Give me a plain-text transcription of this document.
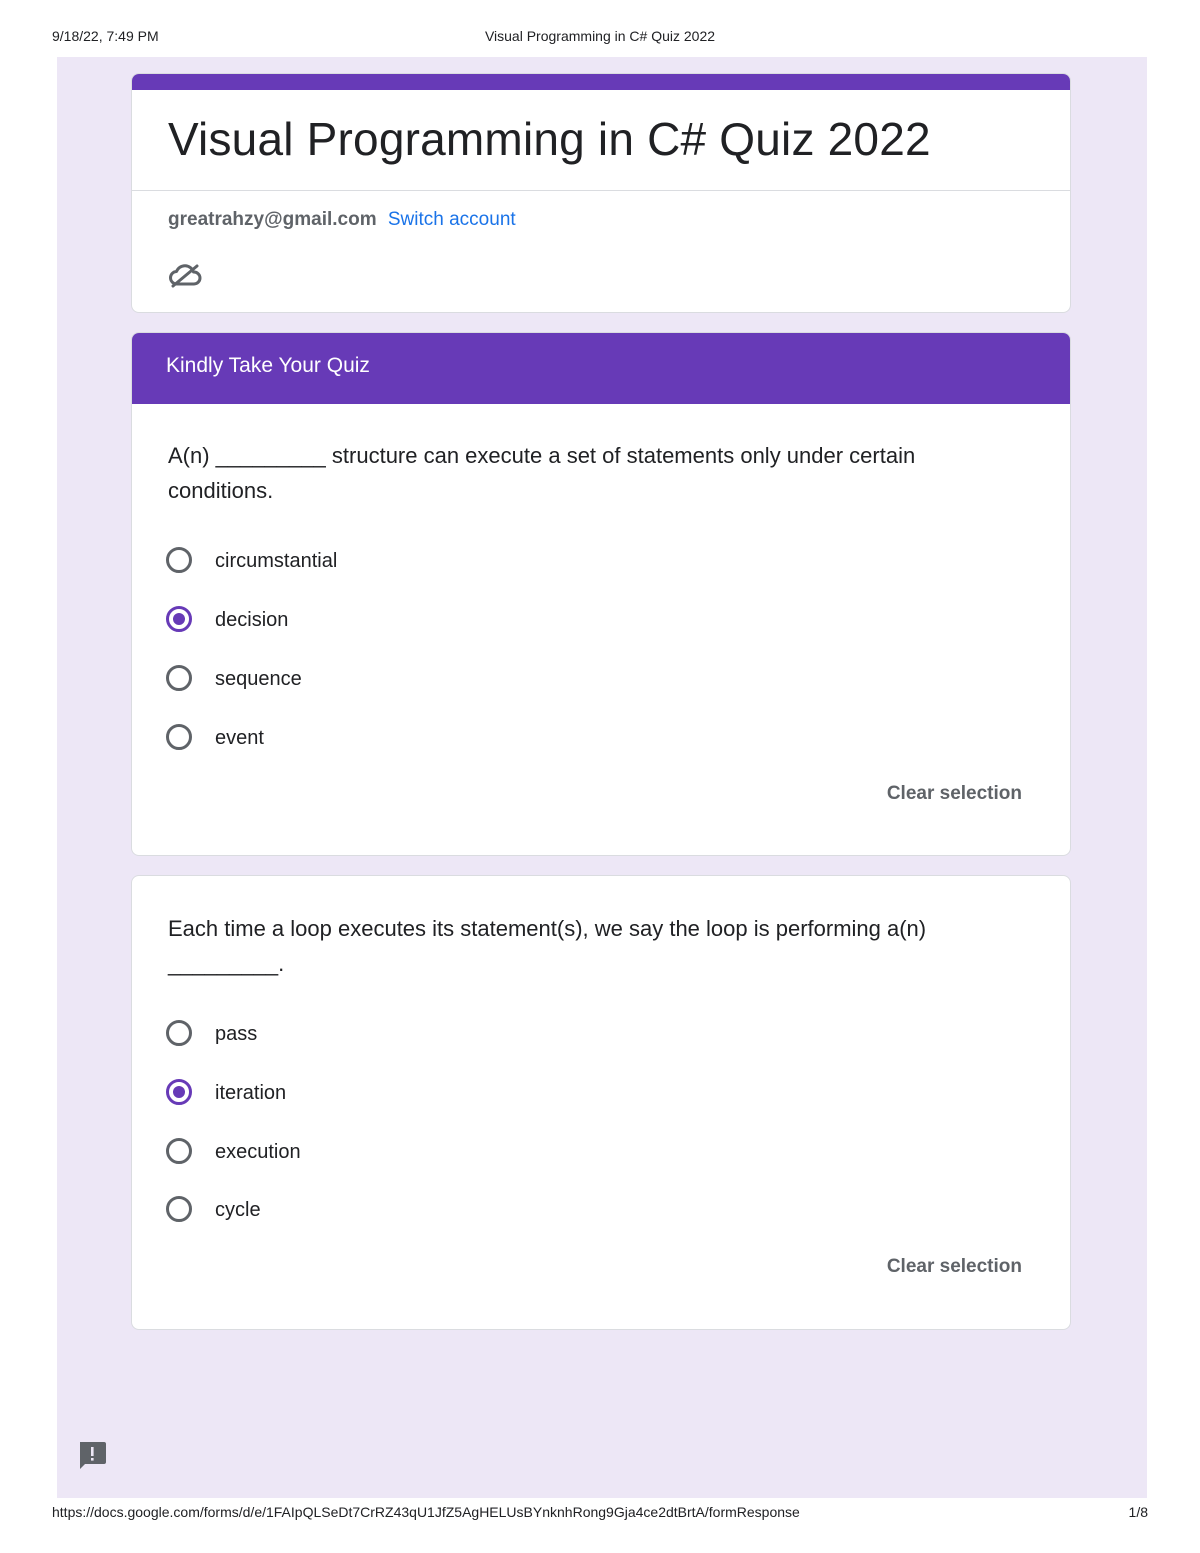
9/18/22, 7:49 PM	Visual Programming in C# Quiz 2022
Visual Programming in C# Quiz 2022
greatrahzy@gmail.com Switch account
Kindly Take Your Quiz
A(n) _________ structure can execute a set of statements only under certain conditions.
circumstantial
decision
sequence
event
Clear selection
Each time a loop executes its statement(s), we say the loop is performing a(n) _________.
pass
iteration
execution
cycle
Clear selection
https://docs.google.com/forms/d/e/1FAIpQLSeDt7CrRZ43qU1JfZ5AgHELUsBYnknhRong9Gja4ce2dtBrtA/formResponse	1/8
